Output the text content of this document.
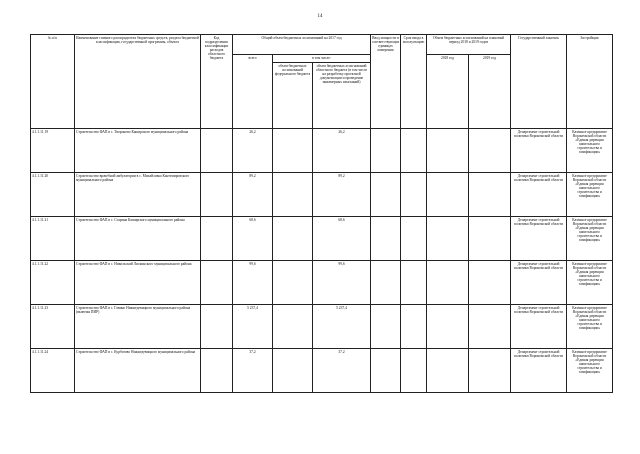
14
№ п/п	Наименование главного распорядителя бюджетных средств, раздела бюджетной классификации, государственной программы, объекта	Код подразделения классификации расходов областного бюджета	Общий объем бюджетных ассигнований на 2017 год			Ввод мощности в соответствующих единицах измерения	Срок ввода в эксплуатацию	Объем бюджетных ассигнований на плановый период 2018 и 2019 годов		Государственный заказчик	Застройщик
			всего	в том числе:				2018 год	2019 год		
				объем бюджетных ассигнований федерального бюджета	объем бюджетных ассигнований областного бюджета (в том числе на разработку проектной документации и проведение инженерных изысканий)						
4.1.1.11.19	Строительство ФАП в с. Твороново Каширского муниципального района		26,2		26,2					Департамент строительной политики Воронежской области	Казенное предприятие Воронежской области «Единая дирекция капитального строительства и газификации»
4.1.1.11.20	Строительство врачебной амбулатории в с. Михайловка Кантемировского муниципального района		89,2		89,2					Департамент строительной политики Воронежской области	Казенное предприятие Воронежской области «Единая дирекция капитального строительства и газификации»
4.1.1.11.21	Строительство ФАП в с. Старина Каширского муниципального района		68,6		68,6					Департамент строительной политики Воронежской области	Казенное предприятие Воронежской области «Единая дирекция капитального строительства и газификации»
4.1.1.11.22	Строительство ФАП в с. Никольский Лискинского муниципального района		99,6		99,6					Департамент строительной политики Воронежской области	Казенное предприятие Воронежской области «Единая дирекция капитального строительства и газификации»
4.1.1.11.23	Строительство ФАП в с. Гавино Нижнедевицкого муниципального района (включая ПИР)		5 237,4		5 237,4					Департамент строительной политики Воронежской области	Казенное предприятие Воронежской области «Единая дирекция капитального строительства и газификации»
4.1.1.11.24	Строительство ФАП в с. Курбатово Нижнедевицкого муниципального района		37,2		37,2					Департамент строительной политики Воронежской области	Казенное предприятие Воронежской области «Единая дирекция капитального строительства и газификации»
